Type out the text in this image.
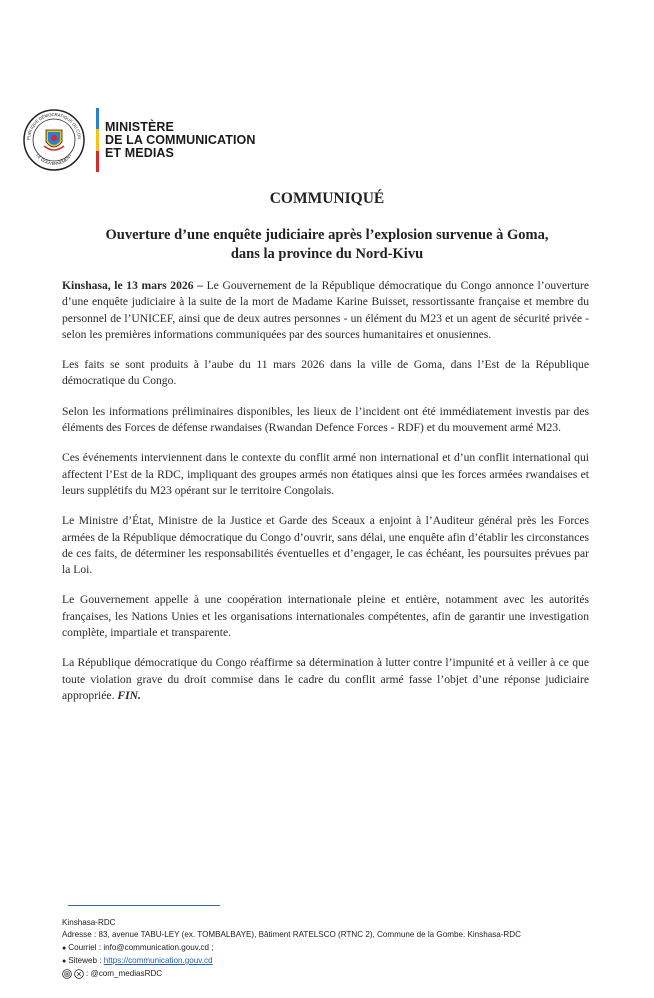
PUBLIQUE DÉMOCRATIQUE DU CON
LE GOUVERNEMENT
MINISTÈRE
DE LA COMMUNICATION
ET MEDIAS
COMMUNIQUÉ
Ouverture d’une enquête judiciaire après l’explosion survenue à Goma,
dans la province du Nord-Kivu

Kinshasa, le 13 mars 2026 – Le Gouvernement de la République démocratique du Congo annonce l’ouverture d’une enquête judiciaire à la suite de la mort de Madame Karine Buisset, ressortissante française et membre du personnel de l’UNICEF, ainsi que de deux autres personnes - un élément du M23 et un agent de sécurité privée - selon les premières informations communiquées par des sources humanitaires et onusiennes.

Les faits se sont produits à l’aube du 11 mars 2026 dans la ville de Goma, dans l’Est de la République démocratique du Congo.

Selon les informations préliminaires disponibles, les lieux de l’incident ont été immédiatement investis par des éléments des Forces de défense rwandaises (Rwandan Defence Forces - RDF) et du mouvement armé M23.

Ces événements interviennent dans le contexte du conflit armé non international et d’un conflit international qui affectent l’Est de la RDC, impliquant des groupes armés non étatiques ainsi que les forces armées rwandaises et leurs supplétifs du M23 opérant sur le territoire Congolais.

Le Ministre d’État, Ministre de la Justice et Garde des Sceaux a enjoint à l’Auditeur général près les Forces armées de la République démocratique du Congo d’ouvrir, sans délai, une enquête afin d’établir les circonstances de ces faits, de déterminer les responsabilités éventuelles et d’engager, le cas échéant, les poursuites prévues par la Loi.

Le Gouvernement appelle à une coopération internationale pleine et entière, notamment avec les autorités françaises, les Nations Unies et les organisations internationales compétentes, afin de garantir une investigation complète, impartiale et transparente.

La République démocratique du Congo réaffirme sa détermination à lutter contre l’impunité et à veiller à ce que toute violation grave du droit commise dans le cadre du conflit armé fasse l’objet d’une réponse judiciaire appropriée. FIN.

Kinshasa-RDC
Adresse : 83, avenue TABU-LEY (ex. TOMBALBAYE), Bâtiment RATELSCO (RTNC 2), Commune de la Gombe. Kinshasa-RDC
● Courriel : info@communication.gouv.cd ;
● Siteweb : https://communication.gouv.cd
: @com_mediasRDC
